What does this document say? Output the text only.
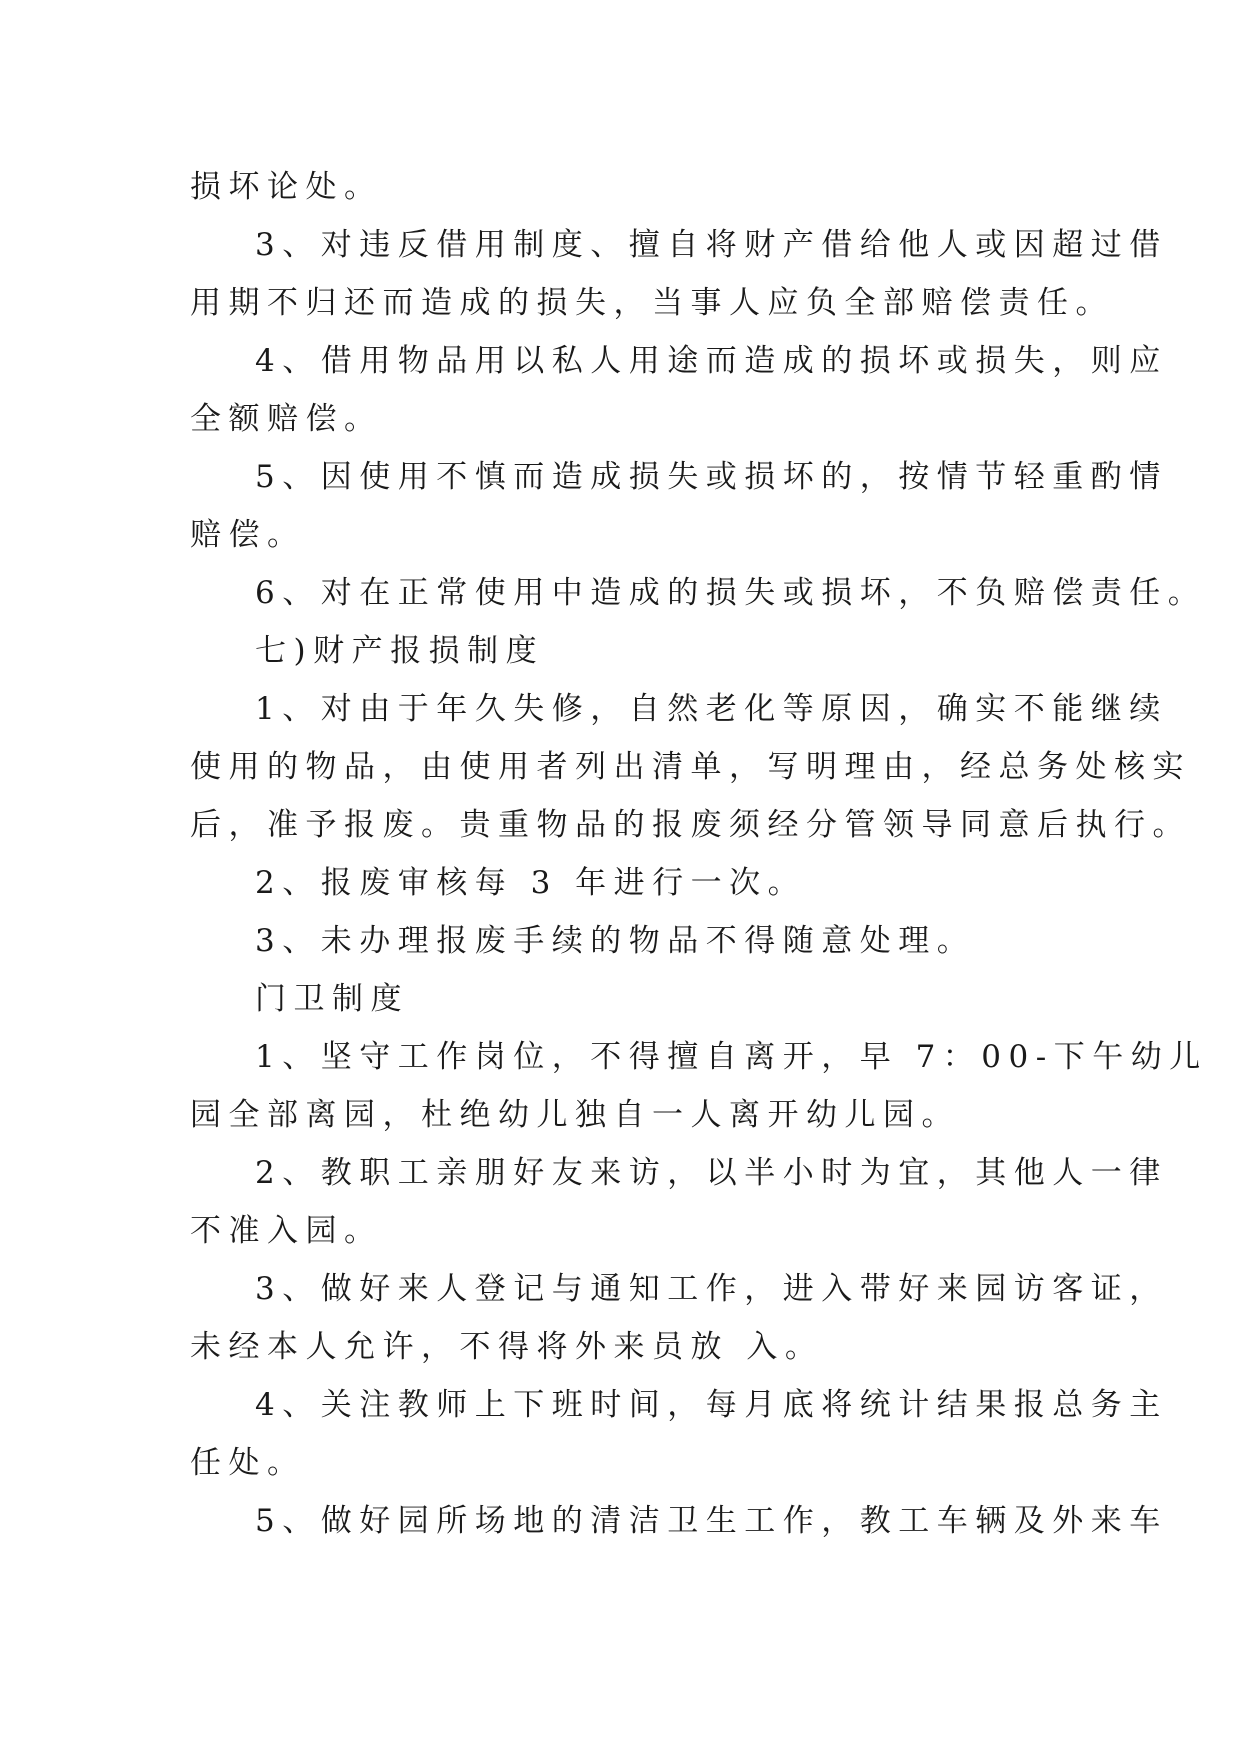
损坏论处。
3、对违反借用制度、擅自将财产借给他人或因超过借
用期不归还而造成的损失，当事人应负全部赔偿责任。
4、借用物品用以私人用途而造成的损坏或损失，则应
全额赔偿。
5、因使用不慎而造成损失或损坏的，按情节轻重酌情
赔偿。
6、对在正常使用中造成的损失或损坏，不负赔偿责任。
七)财产报损制度
1、对由于年久失修，自然老化等原因，确实不能继续
使用的物品，由使用者列出清单，写明理由，经总务处核实
后，准予报废。贵重物品的报废须经分管领导同意后执行。
2、报废审核每 3 年进行一次。
3、未办理报废手续的物品不得随意处理。
门卫制度
1、坚守工作岗位，不得擅自离开，早 7：00-下午幼儿
园全部离园，杜绝幼儿独自一人离开幼儿园。
2、教职工亲朋好友来访，以半小时为宜，其他人一律
不准入园。
3、做好来人登记与通知工作，进入带好来园访客证，
未经本人允许，不得将外来员放 入。
4、关注教师上下班时间，每月底将统计结果报总务主
任处。
5、做好园所场地的清洁卫生工作，教工车辆及外来车
